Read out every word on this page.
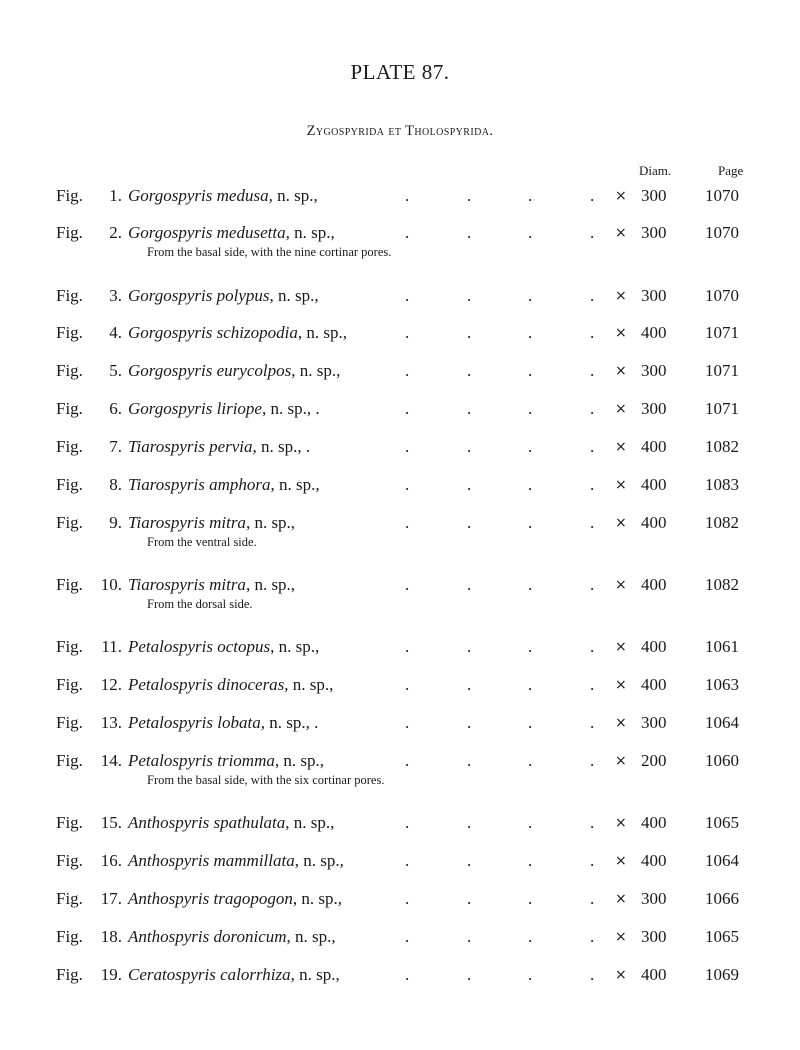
PLATE 87.
Zygospyrida et Tholospyrida.
Diam.	Page
Fig. 1. Gorgospyris medusa, n. sp.,	.	.	.	. × 300 1070
Fig. 2. Gorgospyris medusetta, n. sp.,	.	.	.	. × 300 1070
From the basal side, with the nine cortinar pores.
Fig. 3. Gorgospyris polypus, n. sp.,	.	.	.	. × 300 1070
Fig. 4. Gorgospyris schizopodia, n. sp.,	.	.	.	. × 400 1071
Fig. 5. Gorgospyris eurycolpos, n. sp.,	.	.	.	. × 300 1071
Fig. 6. Gorgospyris liriope, n. sp., .	.	.	.	. × 300 1071
Fig. 7. Tiarospyris pervia, n. sp., .	.	.	.	. × 400 1082
Fig. 8. Tiarospyris amphora, n. sp.,	.	.	.	. × 400 1083
Fig. 9. Tiarospyris mitra, n. sp.,	.	.	.	. × 400 1082
From the ventral side.
Fig. 10. Tiarospyris mitra, n. sp.,	.	.	.	. × 400 1082
From the dorsal side.
Fig. 11. Petalospyris octopus, n. sp.,	.	.	.	. × 400 1061
Fig. 12. Petalospyris dinoceras, n. sp.,	.	.	.	. × 400 1063
Fig. 13. Petalospyris lobata, n. sp., .	.	.	.	. × 300 1064
Fig. 14. Petalospyris triomma, n. sp.,	.	.	.	. × 200 1060
From the basal side, with the six cortinar pores.
Fig. 15. Anthospyris spathulata, n. sp.,	.	.	.	. × 400 1065
Fig. 16. Anthospyris mammillata, n. sp.,	.	.	.	. × 400 1064
Fig. 17. Anthospyris tragopogon, n. sp.,	.	.	.	. × 300 1066
Fig. 18. Anthospyris doronicum, n. sp.,	.	.	.	. × 300 1065
Fig. 19. Ceratospyris calorrhiza, n. sp.,	.	.	.	. × 400 1069
